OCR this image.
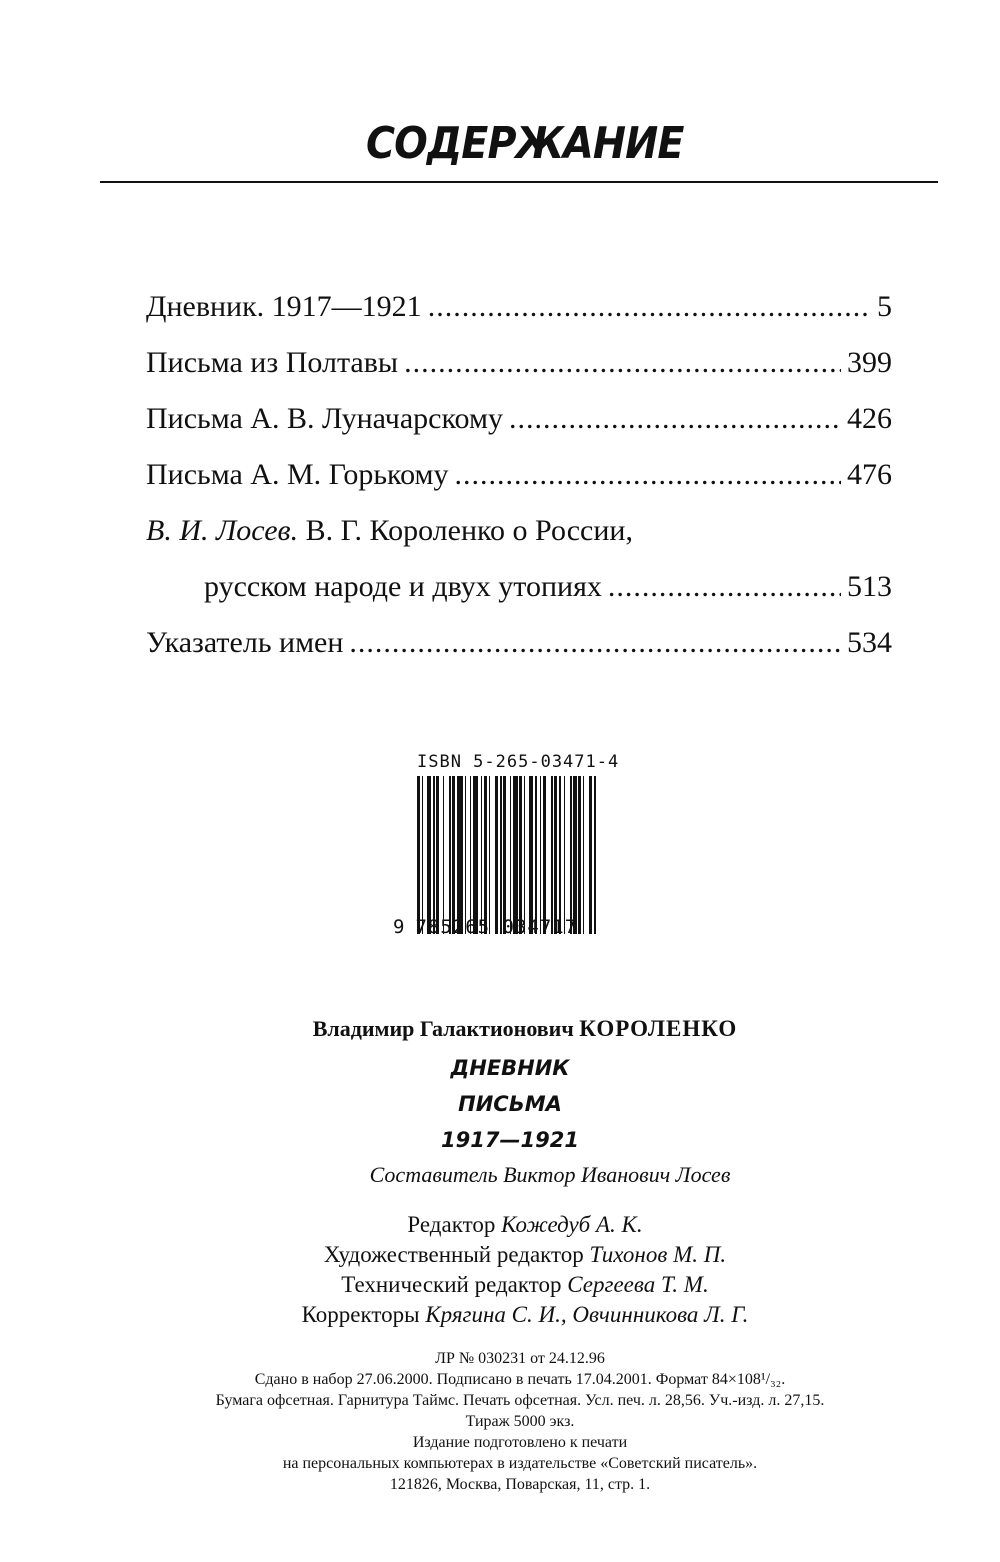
СОДЕРЖАНИЕ
Дневник. 1917—1921 .....	5
Письма из Полтавы .....	399
Письма А. В. Луначарскому .....	426
Письма А. М. Горькому .....	476
В. И. Лосев. В. Г. Короленко о России,
русском народе и двух утопиях .....	513
Указатель имен .....	534
ISBN 5-265-03471-4
9 785265 034717
Владимир Галактионович КОРОЛЕНКО
ДНЕВНИК
ПИСЬМА
1917—1921
Составитель Виктор Иванович Лосев
Редактор Кожедуб А. К.
Художественный редактор Тихонов М. П.
Технический редактор Сергеева Т. М.
Корректоры Крягина С. И., Овчинникова Л. Г.
ЛР № 030231 от 24.12.96
Сдано в набор 27.06.2000. Подписано в печать 17.04.2001. Формат 84×108¹/₃₂.
Бумага офсетная. Гарнитура Таймс. Печать офсетная. Усл. печ. л. 28,56. Уч.-изд. л. 27,15.
Тираж 5000 экз.
Издание подготовлено к печати
на персональных компьютерах в издательстве «Советский писатель».
121826, Москва, Поварская, 11, стр. 1.
